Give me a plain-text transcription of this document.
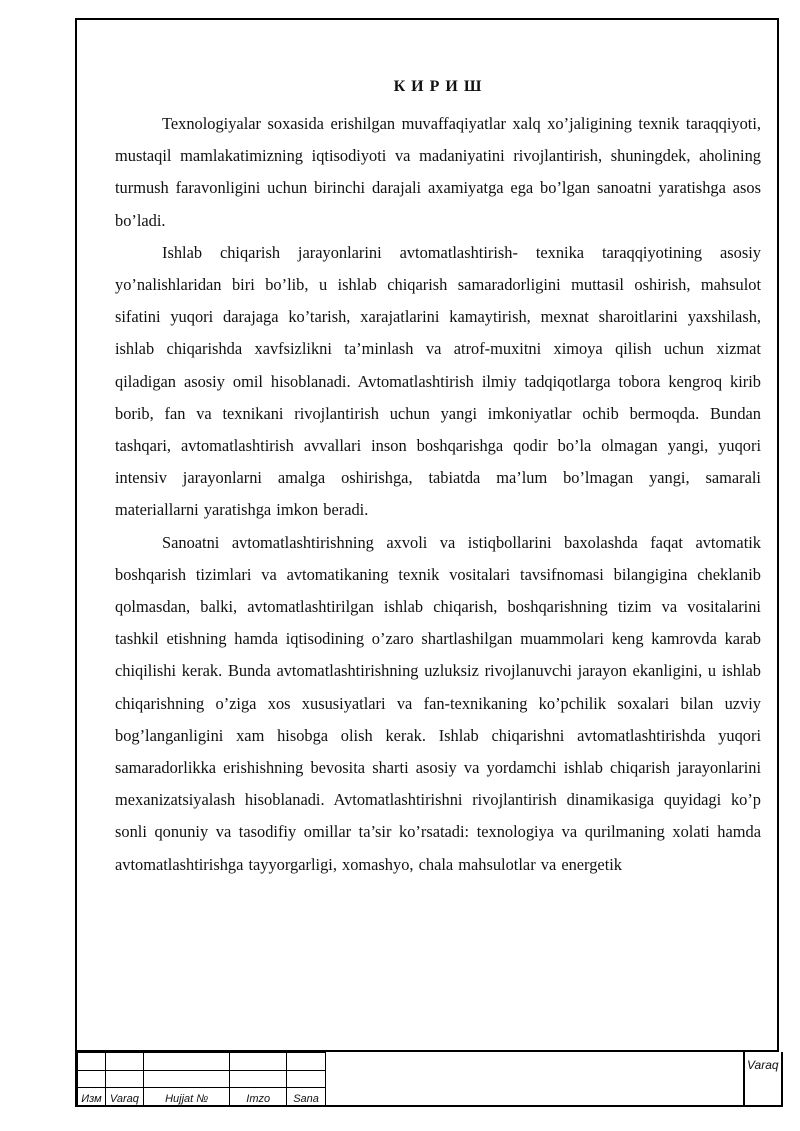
К И Р И Ш

Texnologiyalar soxasida erishilgan muvaffaqiyatlar xalq xo’jaligining texnik taraqqiyoti, mustaqil mamlakatimizning iqtisodiyoti va madaniyatini rivojlantirish, shuningdek, aholining turmush faravonligini uchun birinchi darajali axamiyatga ega bo’lgan sanoatni yaratishga asos bo’ladi.

Ishlab chiqarish jarayonlarini avtomatlashtirish- texnika taraqqiyotining asosiy yo’nalishlaridan biri bo’lib, u ishlab chiqarish samaradorligini muttasil oshirish, mahsulot sifatini yuqori darajaga ko’tarish, xarajatlarini kamaytirish, mexnat sharoitlarini yaxshilash, ishlab chiqarishda xavfsizlikni ta’minlash va atrof-muxitni ximoya qilish uchun xizmat qiladigan asosiy omil hisoblanadi. Avtomatlashtirish ilmiy tadqiqotlarga tobora kengroq kirib borib, fan va texnikani rivojlantirish uchun yangi imkoniyatlar ochib bermoqda. Bundan tashqari, avtomatlashtirish avvallari inson boshqarishga qodir bo’la olmagan yangi, yuqori intensiv jarayonlarni amalga oshirishga, tabiatda ma’lum bo’lmagan yangi, samarali materiallarni yaratishga imkon beradi.

Sanoatni avtomatlashtirishning axvoli va istiqbollarini baxolashda faqat avtomatik boshqarish tizimlari va avtomatikaning texnik vositalari tavsifnomasi bilangigina cheklanib qolmasdan, balki, avtomatlashtirilgan ishlab chiqarish, boshqarishning tizim va vositalarini tashkil etishning hamda iqtisodining o’zaro shartlashilgan muammolari keng kamrovda karab chiqilishi kerak. Bunda avtomatlashtirishning uzluksiz rivojlanuvchi jarayon ekanligini, u ishlab chiqarishning o’ziga xos xususiyatlari va fan-texnikaning ko’pchilik soxalari bilan uzviy bog’langanligini xam hisobga olish kerak. Ishlab chiqarishni avtomatlashtirishda yuqori samaradorlikka erishishning bevosita sharti asosiy va yordamchi ishlab chiqarish jarayonlarini mexanizatsiyalash hisoblanadi. Avtomatlashtirishni rivojlantirish dinamikasiga quyidagi ko’p sonli qonuniy va tasodifiy omillar ta’sir ko’rsatadi: texnologiya va qurilmaning xolati hamda avtomatlashtirishga tayyorgarligi, xomashyo, chala mahsulotlar va energetik

Изм	Varaq	Hujjat №	Imzo	Sana
Varaq
